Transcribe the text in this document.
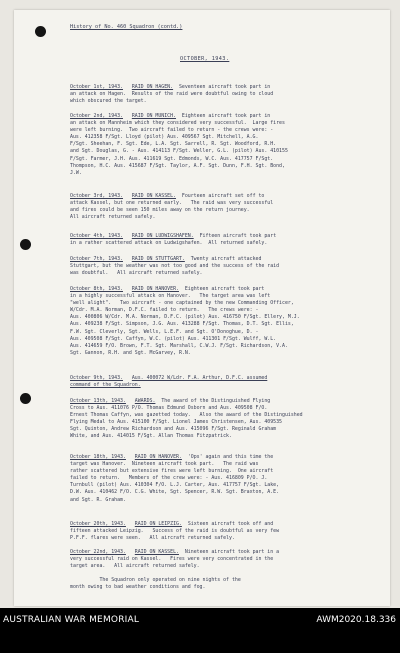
History of No. 460 Squadron (contd.)
OCTOBER, 1943.

October 1st, 1943. RAID ON HAGEN. Seventeen aircraft took part in

an attack on Hagen.  Results of the raid were doubtful owing to cloud

which obscured the target.

October 2nd, 1943. RAID ON MUNICH. Eighteen aircraft took part in

an attack on Mannheim which they considered very successful.  Large fires

were left burning.  Two aircraft failed to return - the crews were: -

Aus. 412358 F/Sgt. Lloyd (pilot) Aus. 409567 Sgt. Mitchell, A.G.

F/Sgt. Sheehan, F. Sgt. Ede, L.A. Sgt. Sarrell, R. Sgt. Woodford, R.H.

and Sgt. Douglas, G. - Aus. 414113 F/Sgt. Weller, G.L. (pilot) Aus. 410155

F/Sgt. Farmer, J.H. Aus. 411619 Sgt. Edmonds, W.C. Aus. 417757 F/Sgt.

Thompson, H.C. Aus. 415687 F/Sgt. Taylor, A.F. Sgt. Dunn, F.H. Sgt. Bond,

J.W.

October 3rd, 1943. RAID ON KASSEL. Fourteen aircraft set off to

attack Kassel, but one returned early.   The raid was very successful

and fires could be seen 150 miles away on the return journey.

All aircraft returned safely.

October 4th, 1943. RAID ON LUDWIGSHAFEN. Fifteen aircraft took part

in a rather scattered attack on Ludwigshafen.  All returned safely.

October 7th, 1943. RAID ON STUTTGART. Twenty aircraft attacked

Stuttgart, but the weather was not too good and the success of the raid

was doubtful.   All aircraft returned safely.

October 8th, 1943. RAID ON HANOVER. Eighteen aircraft took part

in a highly successful attack on Hanover.   The target area was left

"well alight".   Two aircraft - one captained by the new Commanding Officer,

W/Cdr. M.A. Norman, D.F.C. failed to return.   The crews were: -

Aus. 400806 W/Cdr. M.A. Norman, D.F.C. (pilot) Aus. 416750 F/Sgt. Ellery, M.J.

Aus. 409238 F/Sgt. Simpson, J.G. Aus. 413288 F/Sgt. Thomas, D.T. Sgt. Ellis,

F.W. Sgt. Cleverly, Sgt. Wells, L.E.F. and Sgt. O'Donoghue, D. -

Aus. 409508 F/Sgt. Caffyn, W.C. (pilot) Aus. 411301 F/Sgt. Wulff, W.L.

Aus. 414659 F/O. Brown, F.T. Sgt. Marshall, C.W.J. F/Sgt. Richardson, V.A.

Sgt. Gannon, R.H. and Sgt. McGarvey, R.N.

October 9th, 1943. Aus. 400072 W/Ldr. F.A. Arthur, D.F.C. assumed

command of the Squadron.

October 13th, 1943. AWARDS. The award of the Distinguished Flying

Cross to Aus. 411076 P/O. Thomas Edmund Osborn and Aus. 409508 F/O.

Ernest Thomas Caffyn, was gazetted today.   Also the award of the Distinguished

Flying Medal to Aus. 415100 F/Sgt. Lionel James Christensen, Aus. 409535

Sgt. Quinton, Andrew Richardson and Aus. 415096 F/Sgt. Reginald Graham

White, and Aus. 414015 F/Sgt. Allan Thomas Fitzpatrick.

October 18th, 1943. RAID ON HANOVER. 'Ops' again and this time the

target was Hanover.  Nineteen aircraft took part.   The raid was

rather scattered but extensive fires were left burning.  One aircraft

failed to return.   Members of the crew were: - Aus. 416809 P/O. J.

Turnbull (pilot) Aus. 410304 F/O. L.J. Carter, Aus. 417757 F/Sgt. Lake,

D.W. Aus. 410462 F/O. C.G. White, Sgt. Spencer, R.W. Sgt. Braxton, A.E.

and Sgt. R. Graham.

October 20th, 1943. RAID ON LEIPZIG. Sixteen aircraft took off and

fifteen attacked Leipzig.   Success of the raid is doubtful as very few

P.F.F. flares were seen.   All aircraft returned safely.

October 22nd, 1943. RAID ON KASSEL. Nineteen aircraft took part in a

very successful raid on Kassel.   Fires were very concentrated in the

target area.   All aircraft returned safely.

The Squadron only operated on nine nights of the

month owing to bad weather conditions and fog.

AUSTRALIAN WAR MEMORIAL	AWM2020.18.336
